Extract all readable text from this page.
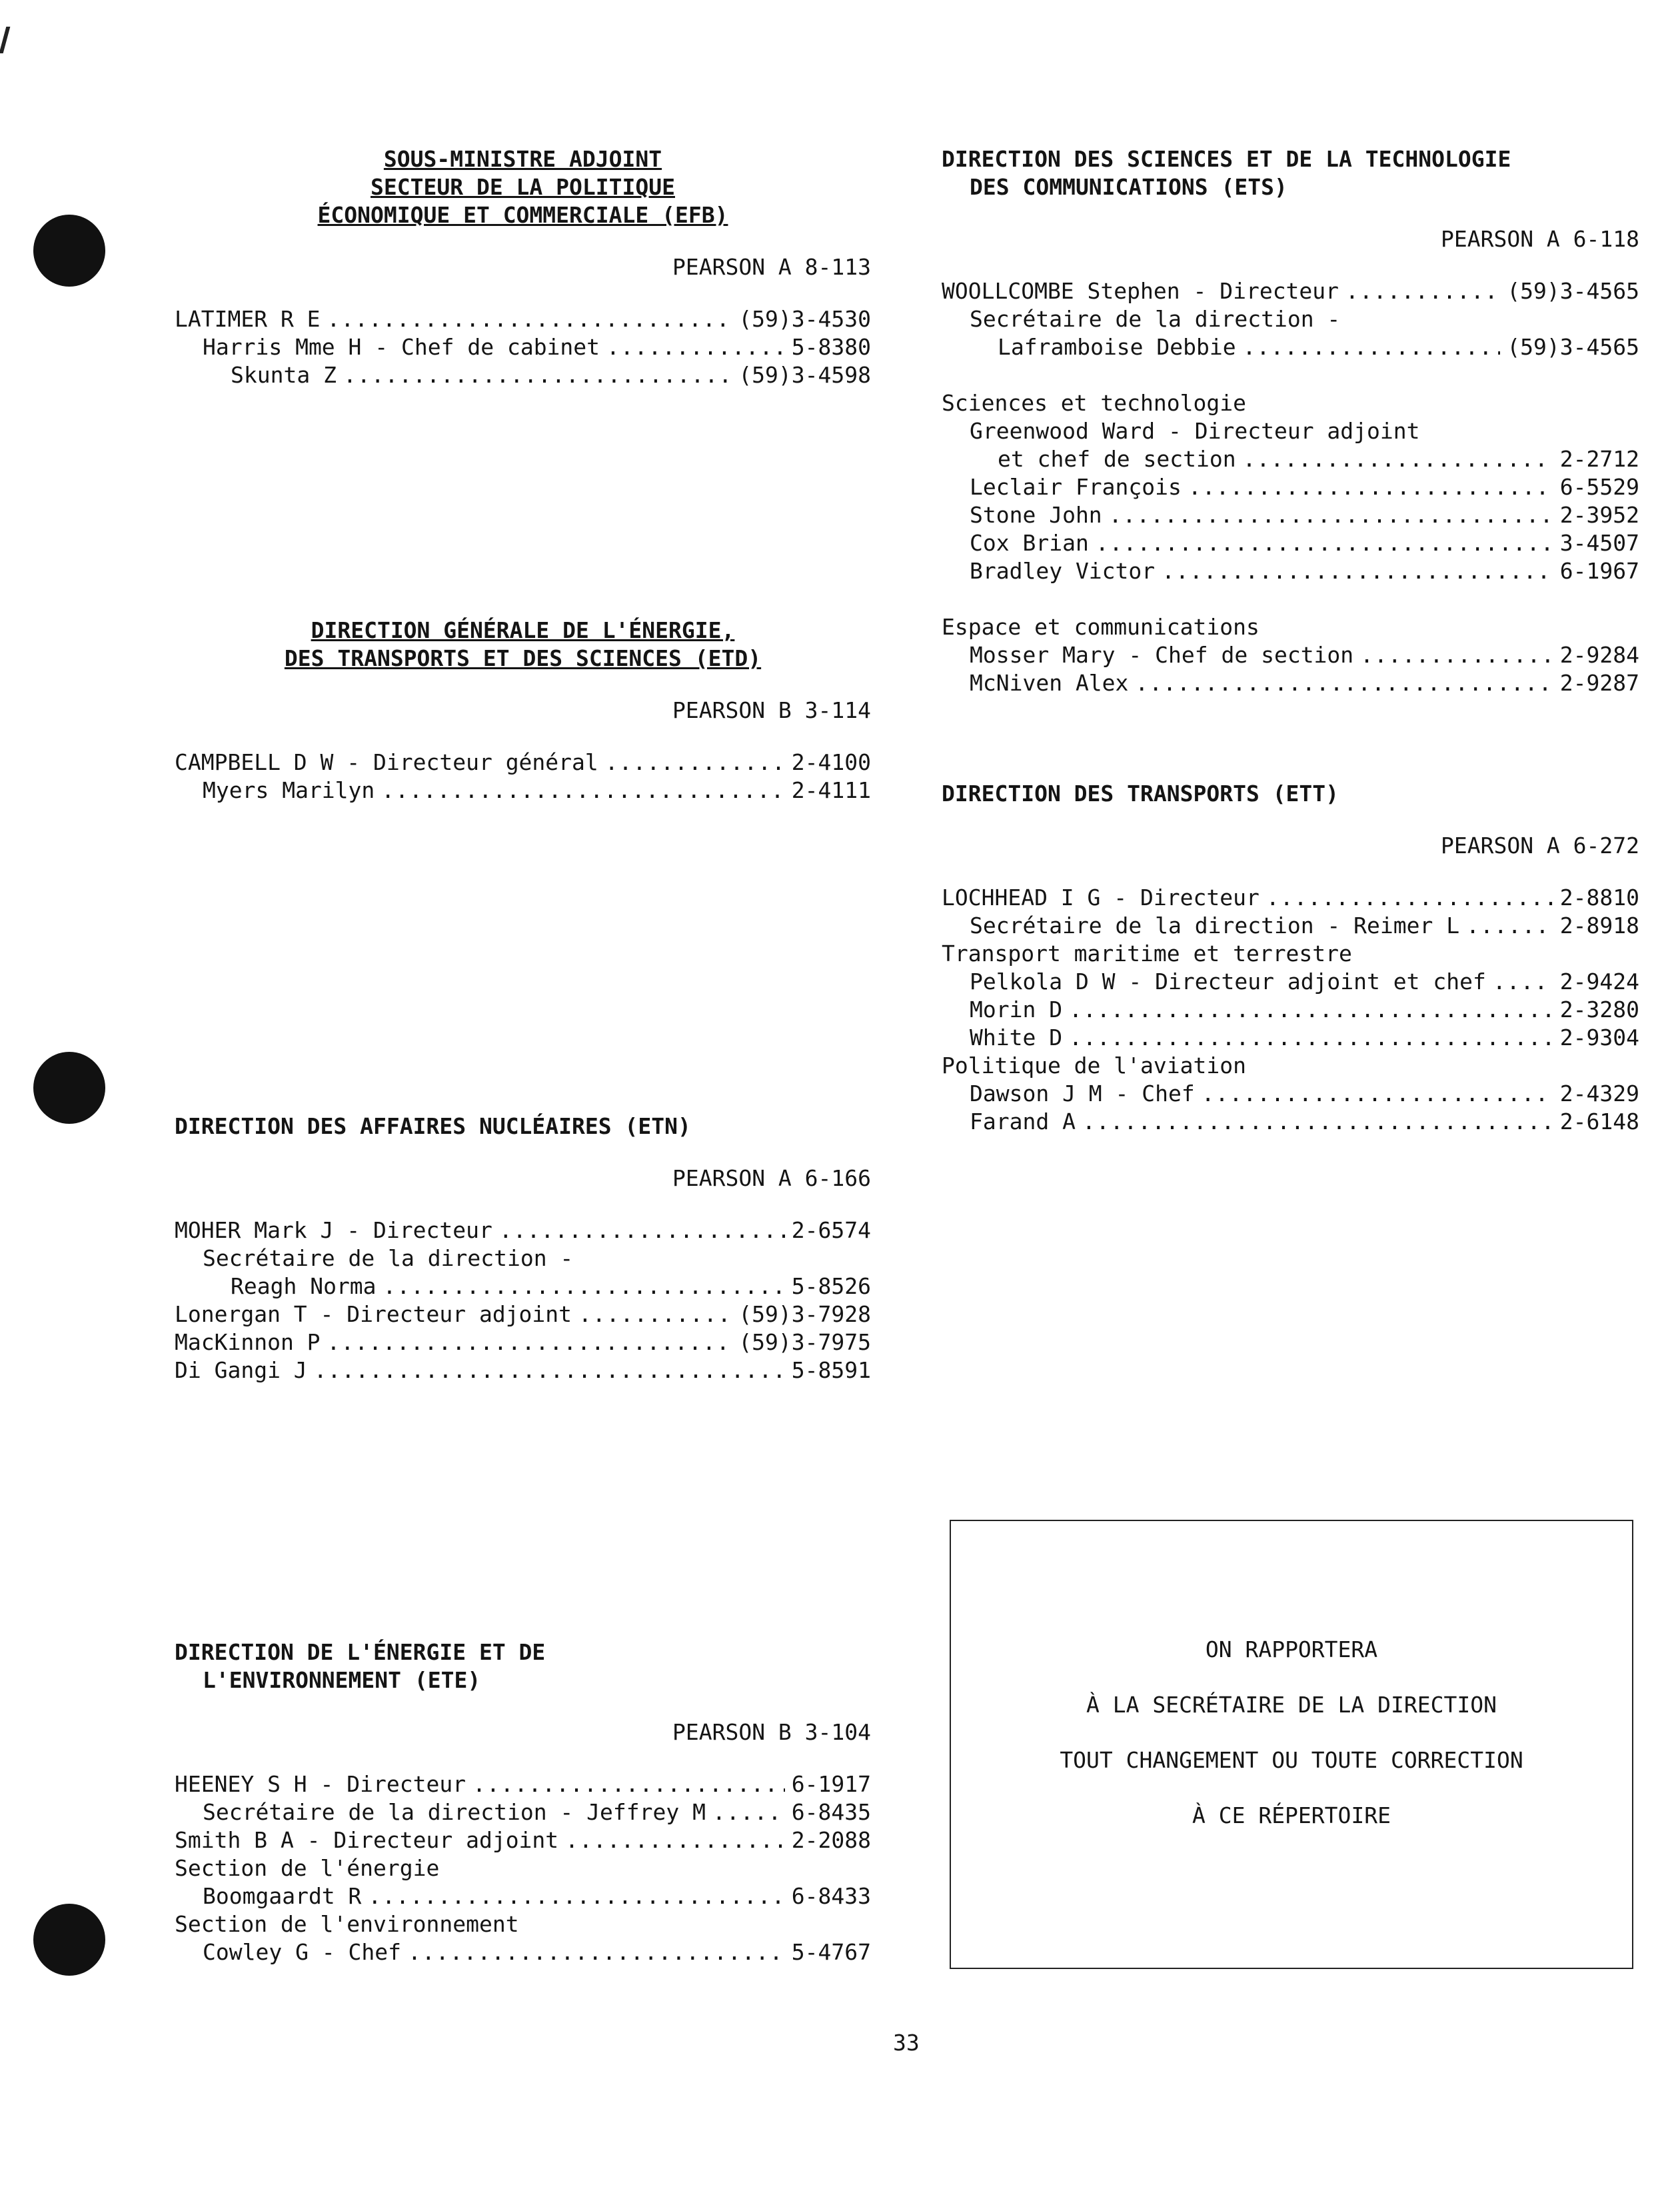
SOUS-MINISTRE ADJOINT
SECTEUR DE LA POLITIQUE
ÉCONOMIQUE ET COMMERCIALE (EFB)
PEARSON A 8-113
LATIMER R E .....	(59)3-4530
Harris Mme H - Chef de cabinet .....	5-8380
Skunta Z .....	(59)3-4598
DIRECTION GÉNÉRALE DE L'ÉNERGIE,
DES TRANSPORTS ET DES SCIENCES (ETD)
PEARSON B 3-114
CAMPBELL D W - Directeur général .....	2-4100
Myers Marilyn .....	2-4111
DIRECTION DES AFFAIRES NUCLÉAIRES (ETN)
PEARSON A 6-166
MOHER Mark J - Directeur .....	2-6574
Secrétaire de la direction -
Reagh Norma .....	5-8526
Lonergan T - Directeur adjoint .....	(59)3-7928
MacKinnon P .....	(59)3-7975
Di Gangi J .....	5-8591
DIRECTION DE L'ÉNERGIE ET DE
L'ENVIRONNEMENT (ETE)
PEARSON B 3-104
HEENEY S H - Directeur .....	6-1917
Secrétaire de la direction - Jeffrey M .....	6-8435
Smith B A - Directeur adjoint .....	2-2088
Section de l'énergie
Boomgaardt R .....	6-8433
Section de l'environnement
Cowley G - Chef .....	5-4767
DIRECTION DES SCIENCES ET DE LA TECHNOLOGIE
DES COMMUNICATIONS (ETS)
PEARSON A 6-118
WOOLLCOMBE Stephen - Directeur .....	(59)3-4565
Secrétaire de la direction -
Laframboise Debbie .....	(59)3-4565
Sciences et technologie
Greenwood Ward - Directeur adjoint
et chef de section .....	2-2712
Leclair François .....	6-5529
Stone John .....	2-3952
Cox Brian .....	3-4507
Bradley Victor .....	6-1967
Espace et communications
Mosser Mary - Chef de section .....	2-9284
McNiven Alex .....	2-9287
DIRECTION DES TRANSPORTS (ETT)
PEARSON A 6-272
LOCHHEAD I G - Directeur .....	2-8810
Secrétaire de la direction - Reimer L .....	2-8918
Transport maritime et terrestre
Pelkola D W - Directeur adjoint et chef .....	2-9424
Morin D .....	2-3280
White D .....	2-9304
Politique de l'aviation
Dawson J M - Chef .....	2-4329
Farand A .....	2-6148
ON RAPPORTERA
À LA SECRÉTAIRE DE LA DIRECTION
TOUT CHANGEMENT OU TOUTE CORRECTION
À CE RÉPERTOIRE
33
